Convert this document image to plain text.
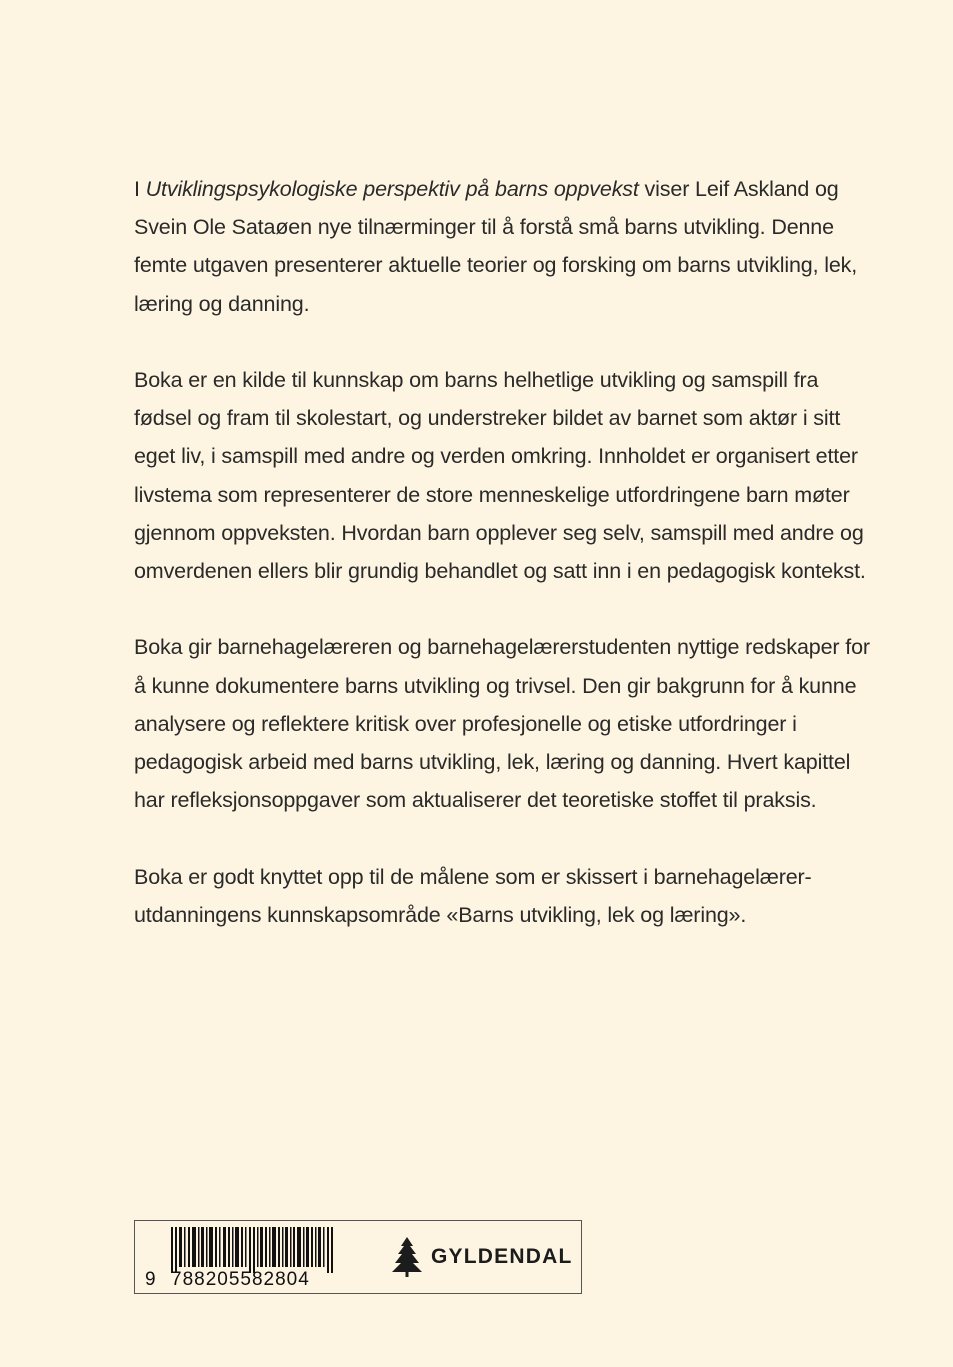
I Utviklingspsykologiske perspektiv på barns oppvekst viser Leif Askland og Svein Ole Sataøen nye tilnærminger til å forstå små barns utvikling. Denne femte utgaven presenterer aktuelle teorier og forsking om barns utvikling, lek, læring og danning.

Boka er en kilde til kunnskap om barns helhetlige utvikling og samspill fra fødsel og fram til skolestart, og understreker bildet av barnet som aktør i sitt eget liv, i samspill med andre og verden omkring. Innholdet er organisert etter livstema som representerer de store menneskelige utfordringene barn møter gjennom oppveksten. Hvordan barn opplever seg selv, samspill med andre og omverdenen ellers blir grundig behandlet og satt inn i en pedagogisk kontekst.

Boka gir barnehagelæreren og barnehagelærerstudenten nyttige redskaper for å kunne dokumentere barns utvikling og trivsel. Den gir bakgrunn for å kunne analysere og reflektere kritisk over profesjonelle og etiske utfordringer i pedagogisk arbeid med barns utvikling, lek, læring og danning. Hvert kapittel har refleksjonsoppgaver som aktualiserer det teoretiske stoffet til praksis.

Boka er godt knyttet opp til de målene som er skissert i barnehagelærer-utdanningens kunnskapsområde «Barns utvikling, lek og læring».

9 788205582804
GYLDENDAL
